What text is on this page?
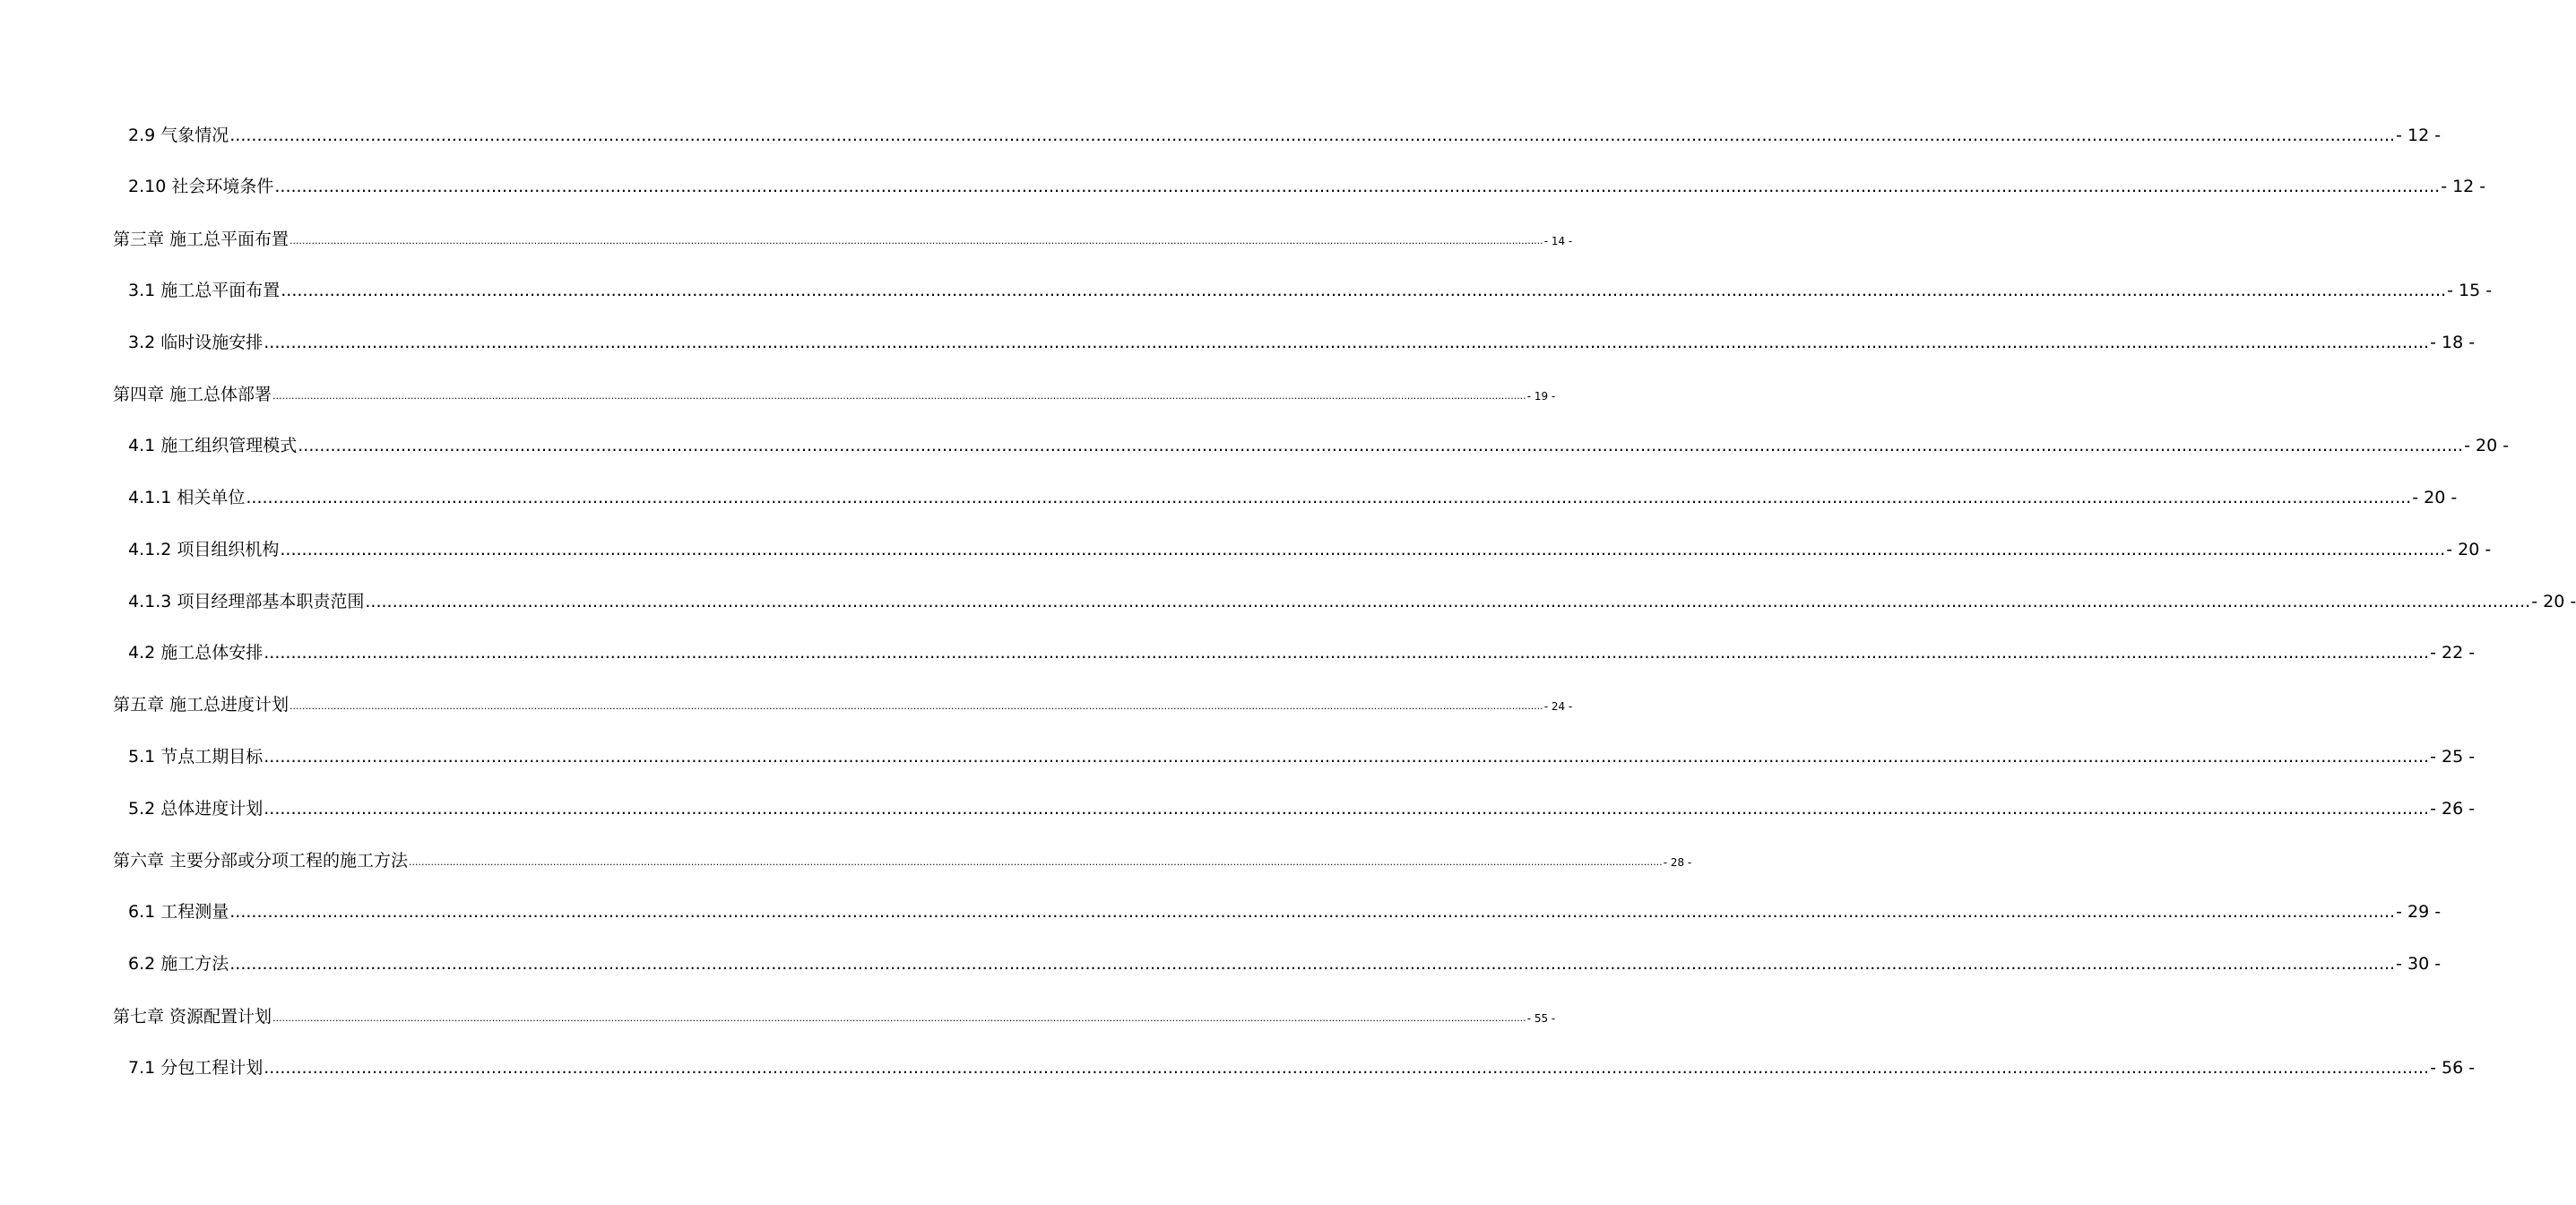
2.9 气象情况 ................................................................................................................................................................................................................................................................................................................................................................................................................ - 12 -
2.10 社会环境条件 ................................................................................................................................................................................................................................................................................................................................................................................................................ - 12 -
第三章 施工总平面布置 ................................................................................................................................................................................................................................................................................................................................................................................................................ - 14 -
3.1 施工总平面布置 ................................................................................................................................................................................................................................................................................................................................................................................................................ - 15 -
3.2 临时设施安排 ................................................................................................................................................................................................................................................................................................................................................................................................................ - 18 -
第四章 施工总体部署 ................................................................................................................................................................................................................................................................................................................................................................................................................ - 19 -
4.1 施工组织管理模式 ................................................................................................................................................................................................................................................................................................................................................................................................................ - 20 -
4.1.1 相关单位 ................................................................................................................................................................................................................................................................................................................................................................................................................ - 20 -
4.1.2 项目组织机构 ................................................................................................................................................................................................................................................................................................................................................................................................................ - 20 -
4.1.3 项目经理部基本职责范围 ................................................................................................................................................................................................................................................................................................................................................................................................................ - 20 -
4.2 施工总体安排 ................................................................................................................................................................................................................................................................................................................................................................................................................ - 22 -
第五章 施工总进度计划 ................................................................................................................................................................................................................................................................................................................................................................................................................ - 24 -
5.1 节点工期目标 ................................................................................................................................................................................................................................................................................................................................................................................................................ - 25 -
5.2 总体进度计划 ................................................................................................................................................................................................................................................................................................................................................................................................................ - 26 -
第六章 主要分部或分项工程的施工方法 ................................................................................................................................................................................................................................................................................................................................................................................................................ - 28 -
6.1 工程测量 ................................................................................................................................................................................................................................................................................................................................................................................................................ - 29 -
6.2 施工方法 ................................................................................................................................................................................................................................................................................................................................................................................................................ - 30 -
第七章 资源配置计划 ................................................................................................................................................................................................................................................................................................................................................................................................................ - 55 -
7.1 分包工程计划 ................................................................................................................................................................................................................................................................................................................................................................................................................ - 56 -
